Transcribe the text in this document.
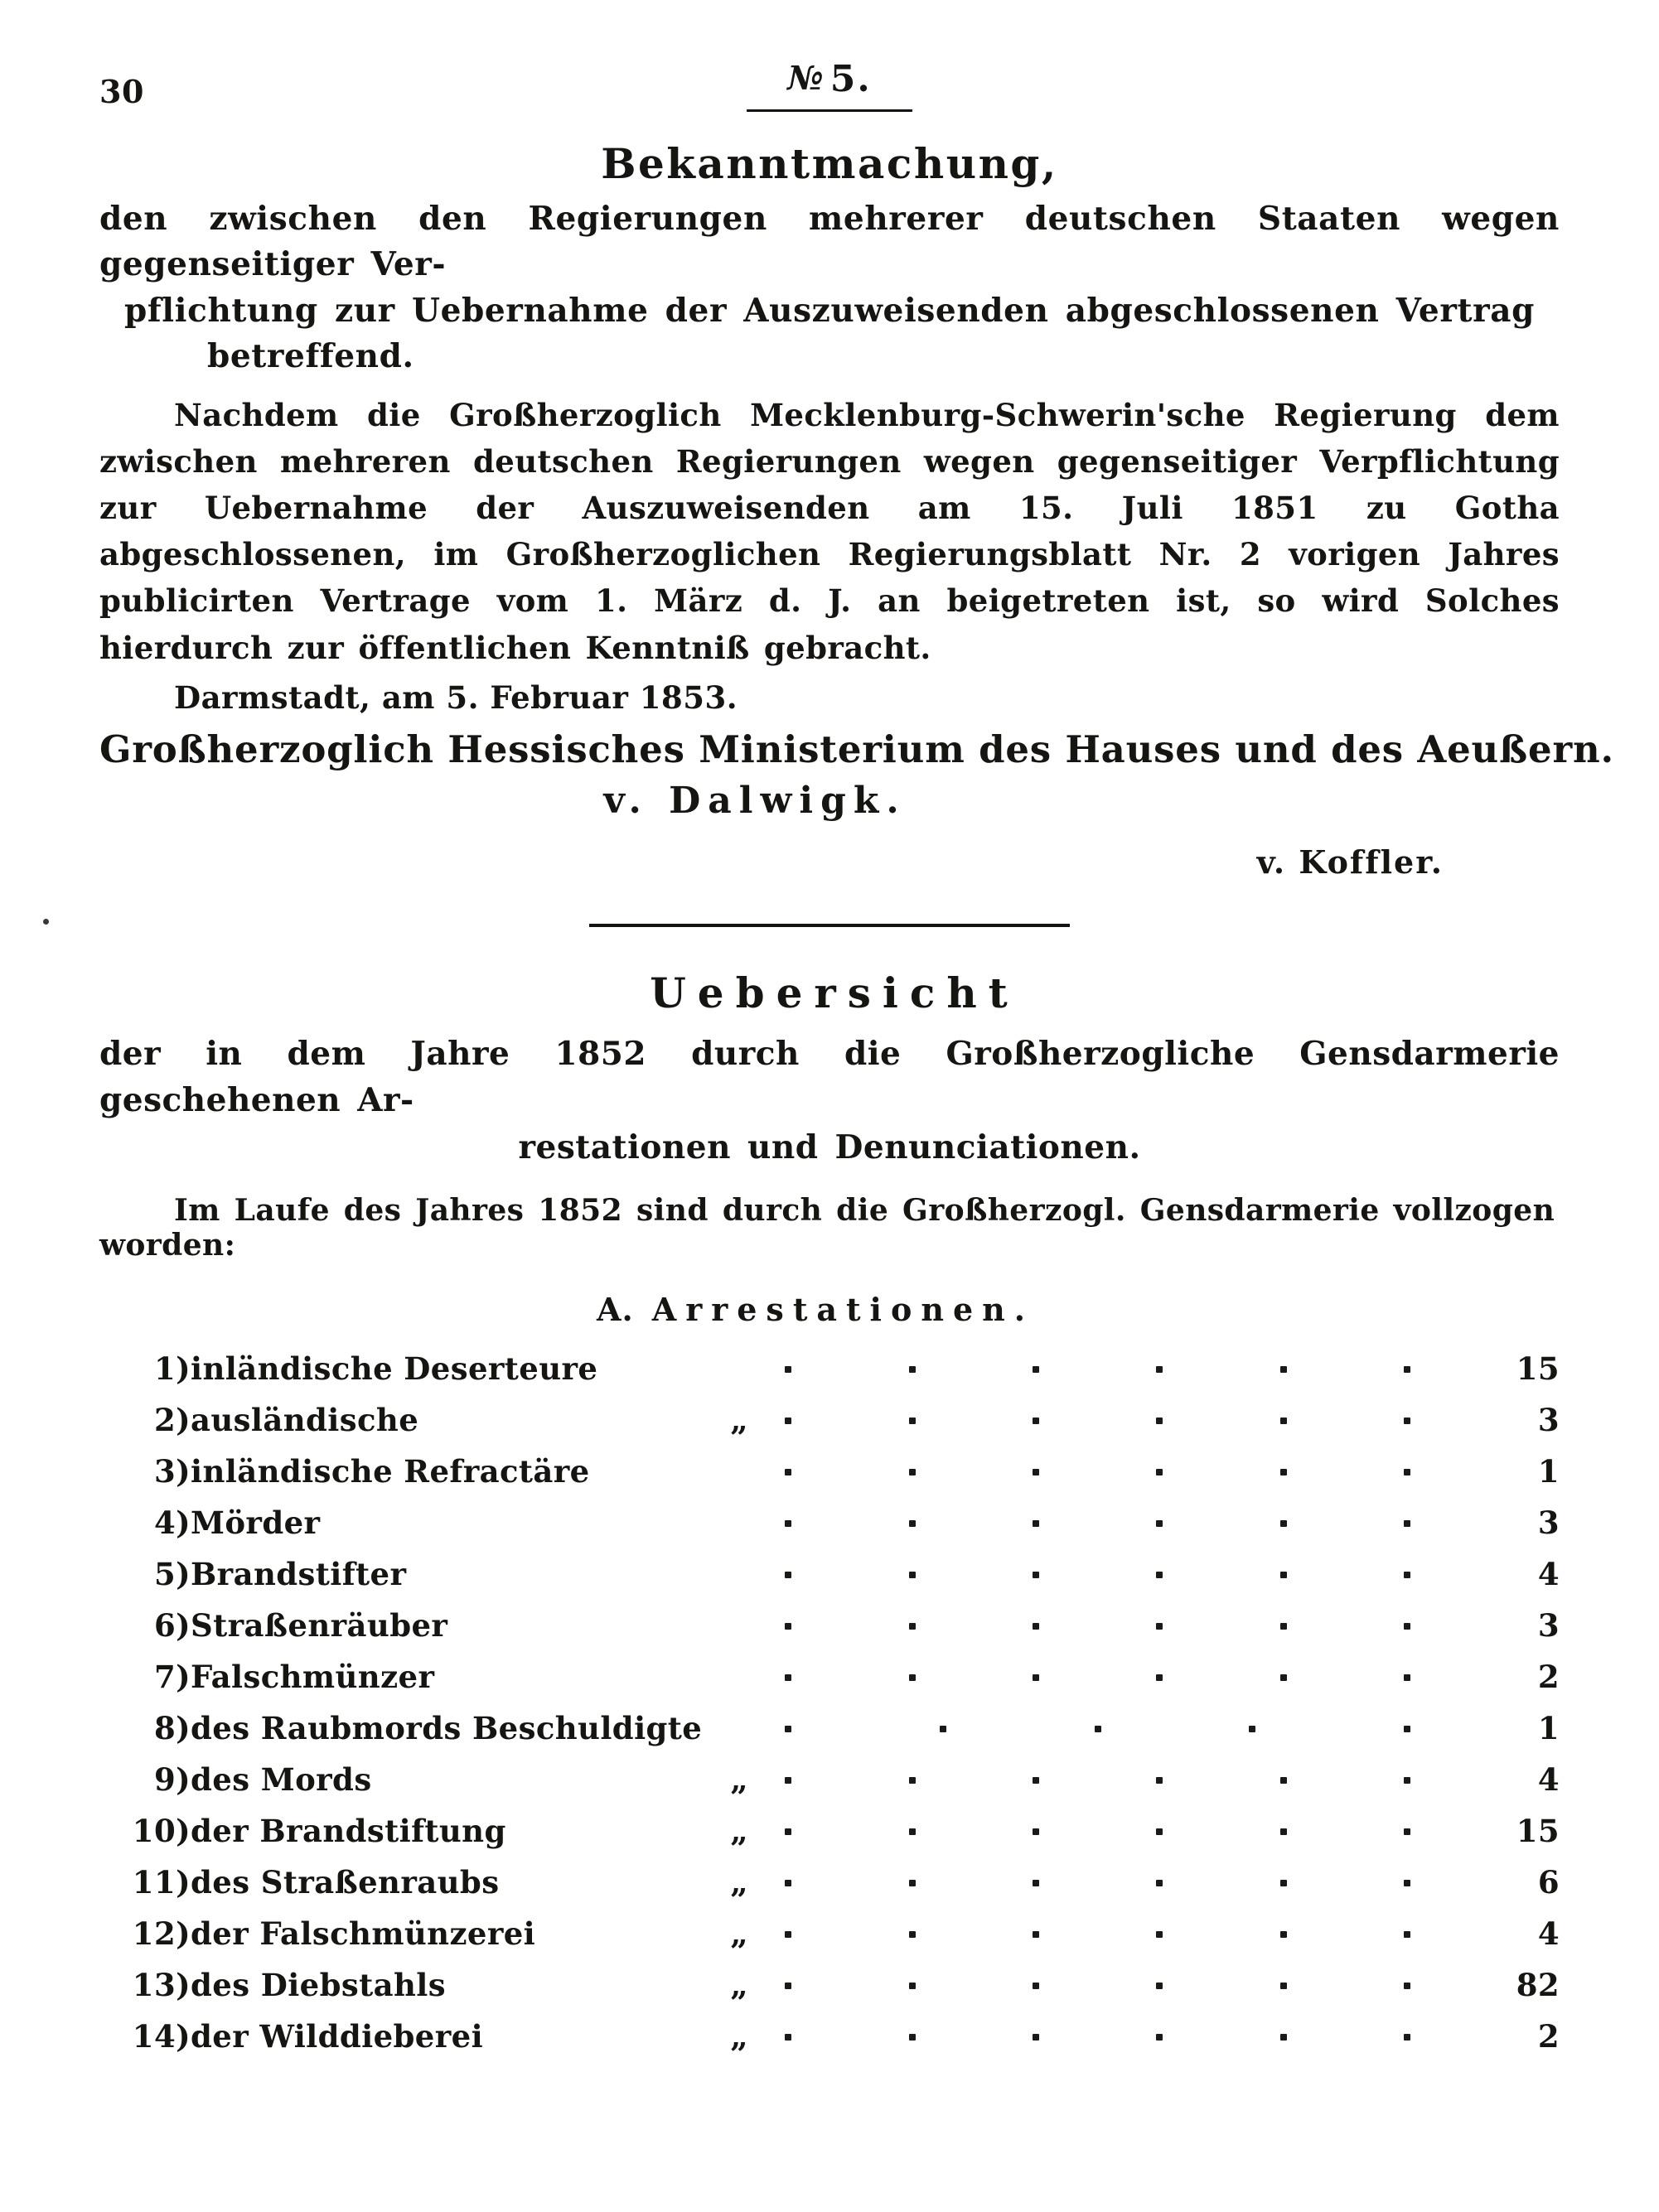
30	№ 5.
Bekanntmachung,
den zwischen den Regierungen mehrerer deutschen Staaten wegen gegenseitiger Ver-
pflichtung zur Uebernahme der Auszuweisenden abgeschlossenen Vertrag
betreffend.

Nachdem die Großherzoglich Mecklenburg-Schwerin'sche Regierung dem zwischen mehreren deutschen Regierungen wegen gegenseitiger Verpflichtung zur Uebernahme der Auszuweisenden am 15. Juli 1851 zu Gotha abgeschlossenen, im Großherzoglichen Regierungsblatt Nr. 2 vorigen Jahres publicirten Vertrage vom 1. März d. J. an beigetreten ist, so wird Solches hierdurch zur öffentlichen Kenntniß gebracht.

Darmstadt, am 5. Februar 1853.

Großherzoglich Hessisches Ministerium des Hauses und des Aeußern.

v. Dalwigk.

v. Koffler.

Uebersicht
der in dem Jahre 1852 durch die Großherzogliche Gensdarmerie geschehenen Ar-
restationen und Denunciationen.

Im Laufe des Jahres 1852 sind durch die Großherzogl. Gensdarmerie vollzogen worden:

A. Arrestationen.

1)	inländische Deserteure			15
2)	ausländische	„		3
3)	inländische Refractäre			1
4)	Mörder			3
5)	Brandstifter			4
6)	Straßenräuber			3
7)	Falschmünzer			2
8)	des Raubmords Beschuldigte			1
9)	des Mords	„		4
10)	der Brandstiftung	„		15
11)	des Straßenraubs	„		6
12)	der Falschmünzerei	„		4
13)	des Diebstahls	„		82
14)	der Wilddieberei	„		2
